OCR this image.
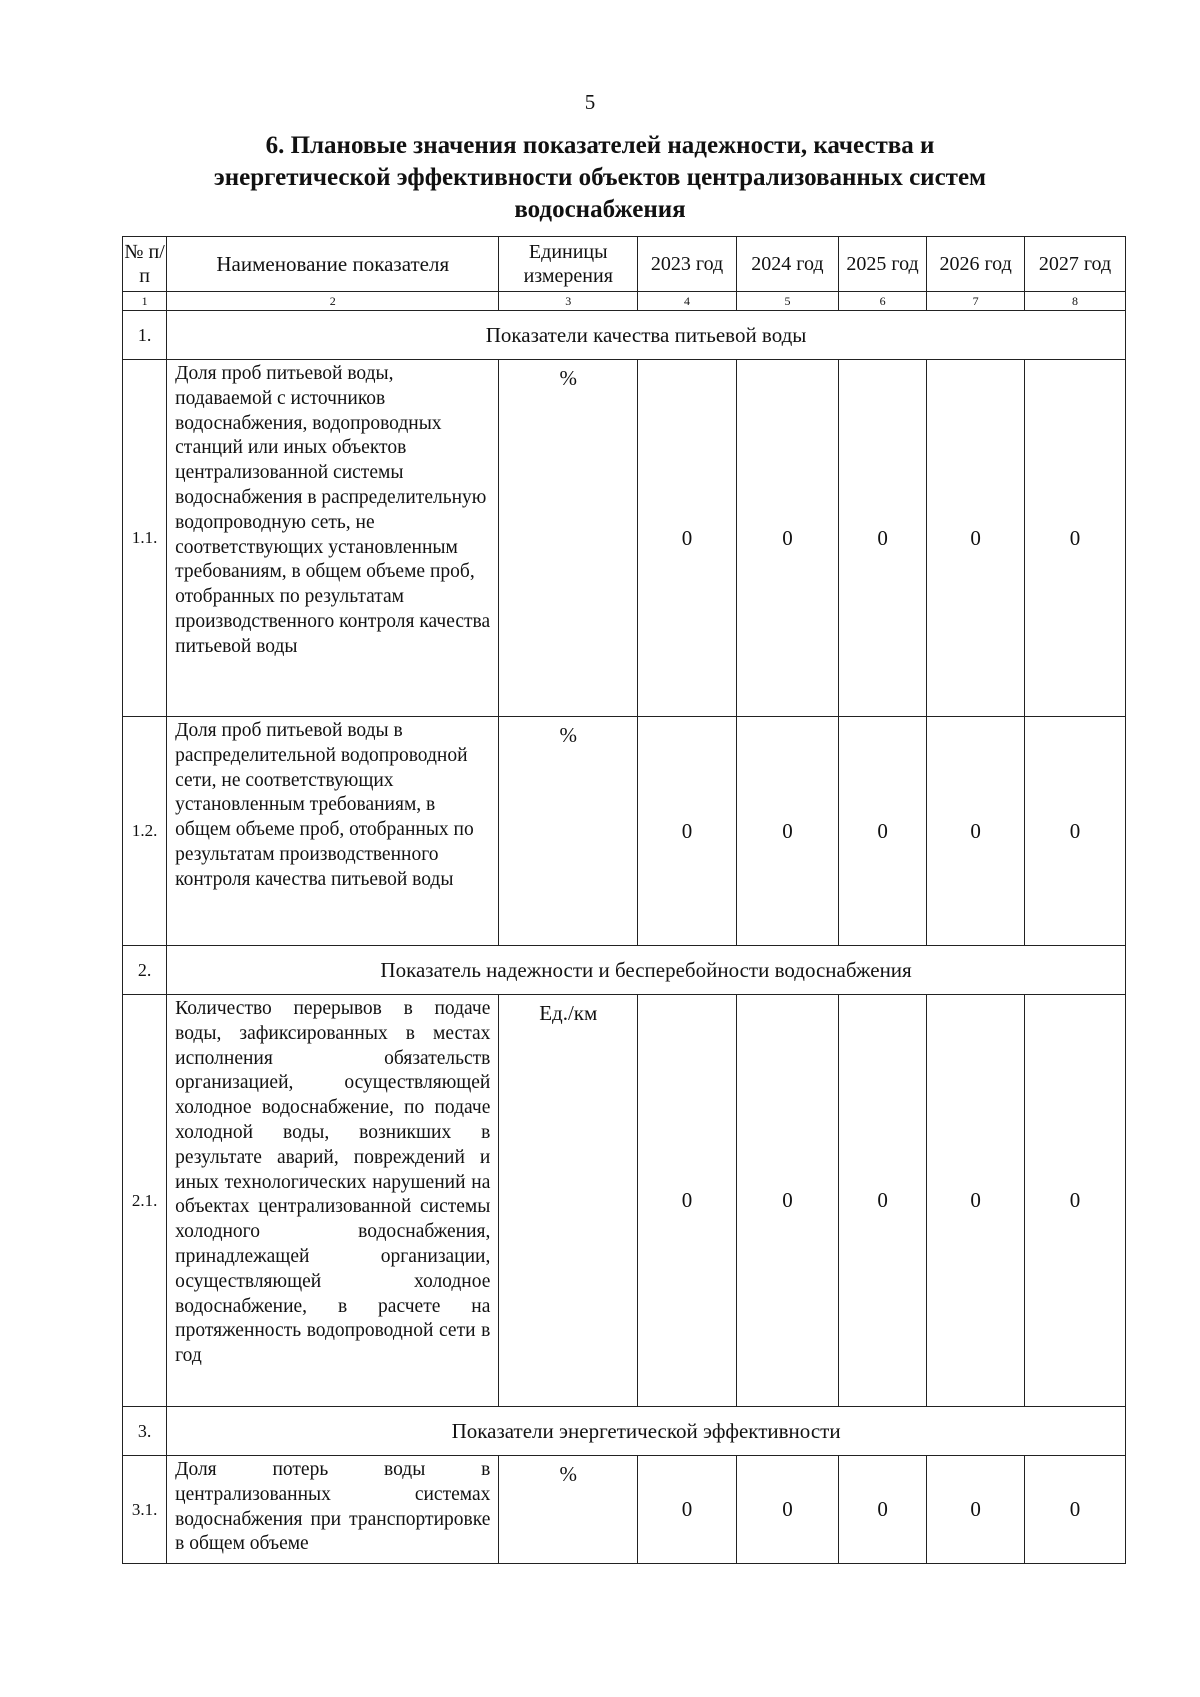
5
6. Плановые значения показателей надежности, качества и
энергетической эффективности объектов централизованных систем
водоснабжения
№ п/п	Наименование показателя	Единицы измерения	2023 год	2024 год	2025 год	2026 год	2027 год
1	2	3	4	5	6	7	8
1.	Показатели качества питьевой воды						
1.1.	Доля проб питьевой воды, подаваемой с источников водоснабжения, водопроводных станций или иных объектов централизованной системы водоснабжения в распределительную водопроводную сеть, не соответствующих установленным требованиям, в общем объеме проб, отобранных по результатам производственного контроля качества питьевой воды	%	0	0	0	0	0
1.2.	Доля проб питьевой воды в распределительной водопроводной сети, не соответствующих установленным требованиям, в общем объеме проб, отобранных по результатам производственного контроля качества питьевой воды	%	0	0	0	0	0
2.	Показатель надежности и бесперебойности водоснабжения						
2.1.	Количество перерывов в подаче воды, зафиксированных в местах исполнения обязательств организацией, осуществляющей холодное водоснабжение, по подаче холодной воды, возникших в результате аварий, повреждений и иных технологических нарушений на объектах централизованной системы холодного водоснабжения, принадлежащей организации, осуществляющей холодное водоснабжение, в расчете на протяженность водопроводной сети в год	Ед./км	0	0	0	0	0
3.	Показатели энергетической эффективности						
3.1.	Доля потерь воды в централизованных системах водоснабжения при транспортировке в общем объеме	%	0	0	0	0	0
